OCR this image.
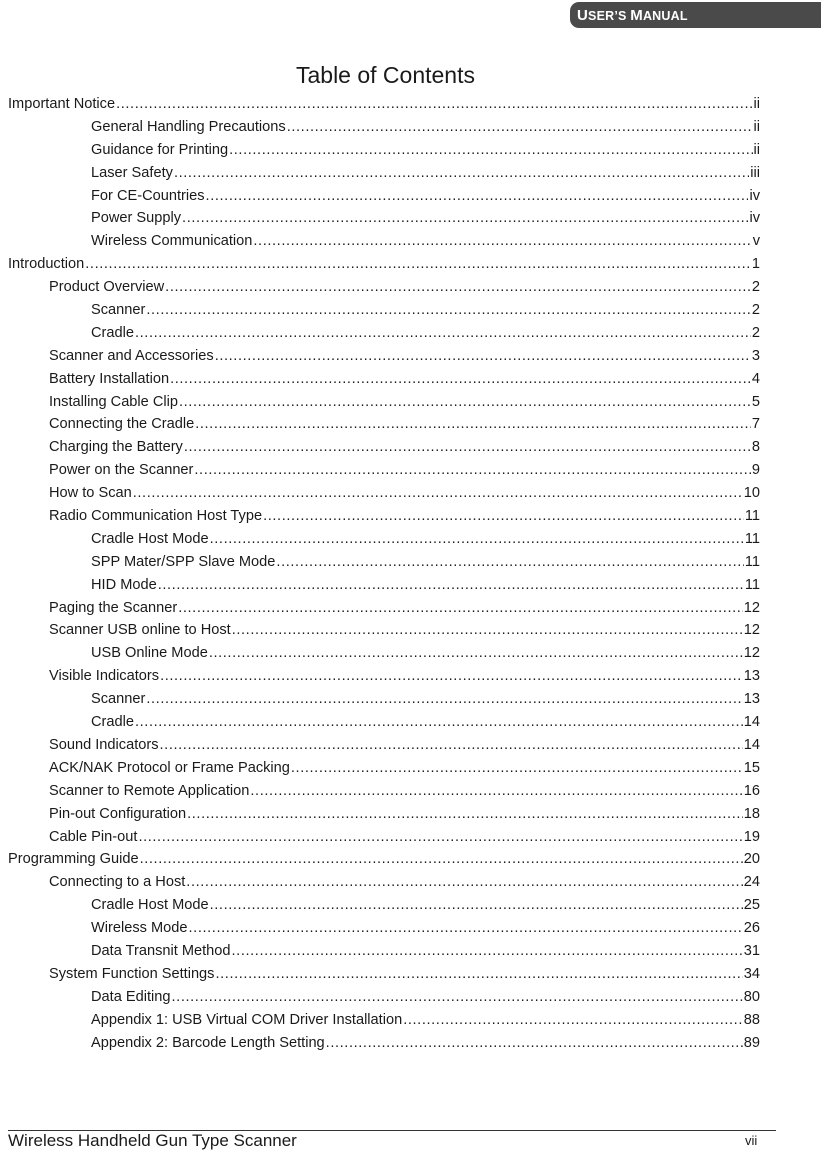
USER’S MANUAL
Table of Contents
Important Notice .....	ii
General Handling Precautions .....	ii
Guidance for Printing .....	ii
Laser Safety .....	iii
For CE-Countries .....	iv
Power Supply .....	iv
Wireless Communication .....	v
Introduction .....	1
Product Overview .....	2
Scanner .....	2
Cradle .....	2
Scanner and Accessories .....	3
Battery Installation .....	4
Installing Cable Clip .....	5
Connecting the Cradle .....	7
Charging the Battery .....	8
Power on the Scanner .....	9
How to Scan .....	10
Radio Communication Host Type .....	11
Cradle Host Mode .....	11
SPP Mater/SPP Slave Mode .....	11
HID Mode .....	11
Paging the Scanner .....	12
Scanner USB online to Host .....	12
USB Online Mode .....	12
Visible Indicators .....	13
Scanner .....	13
Cradle .....	14
Sound Indicators .....	14
ACK/NAK Protocol or Frame Packing .....	15
Scanner to Remote Application .....	16
Pin-out Configuration .....	18
Cable Pin-out .....	19
Programming Guide .....	20
Connecting to a Host .....	24
Cradle Host Mode .....	25
Wireless Mode .....	26
Data Transnit Method .....	31
System Function Settings .....	34
Data Editing .....	80
Appendix 1: USB Virtual COM Driver Installation .....	88
Appendix 2: Barcode Length Setting .....	89
Wireless Handheld Gun Type Scanner	vii
